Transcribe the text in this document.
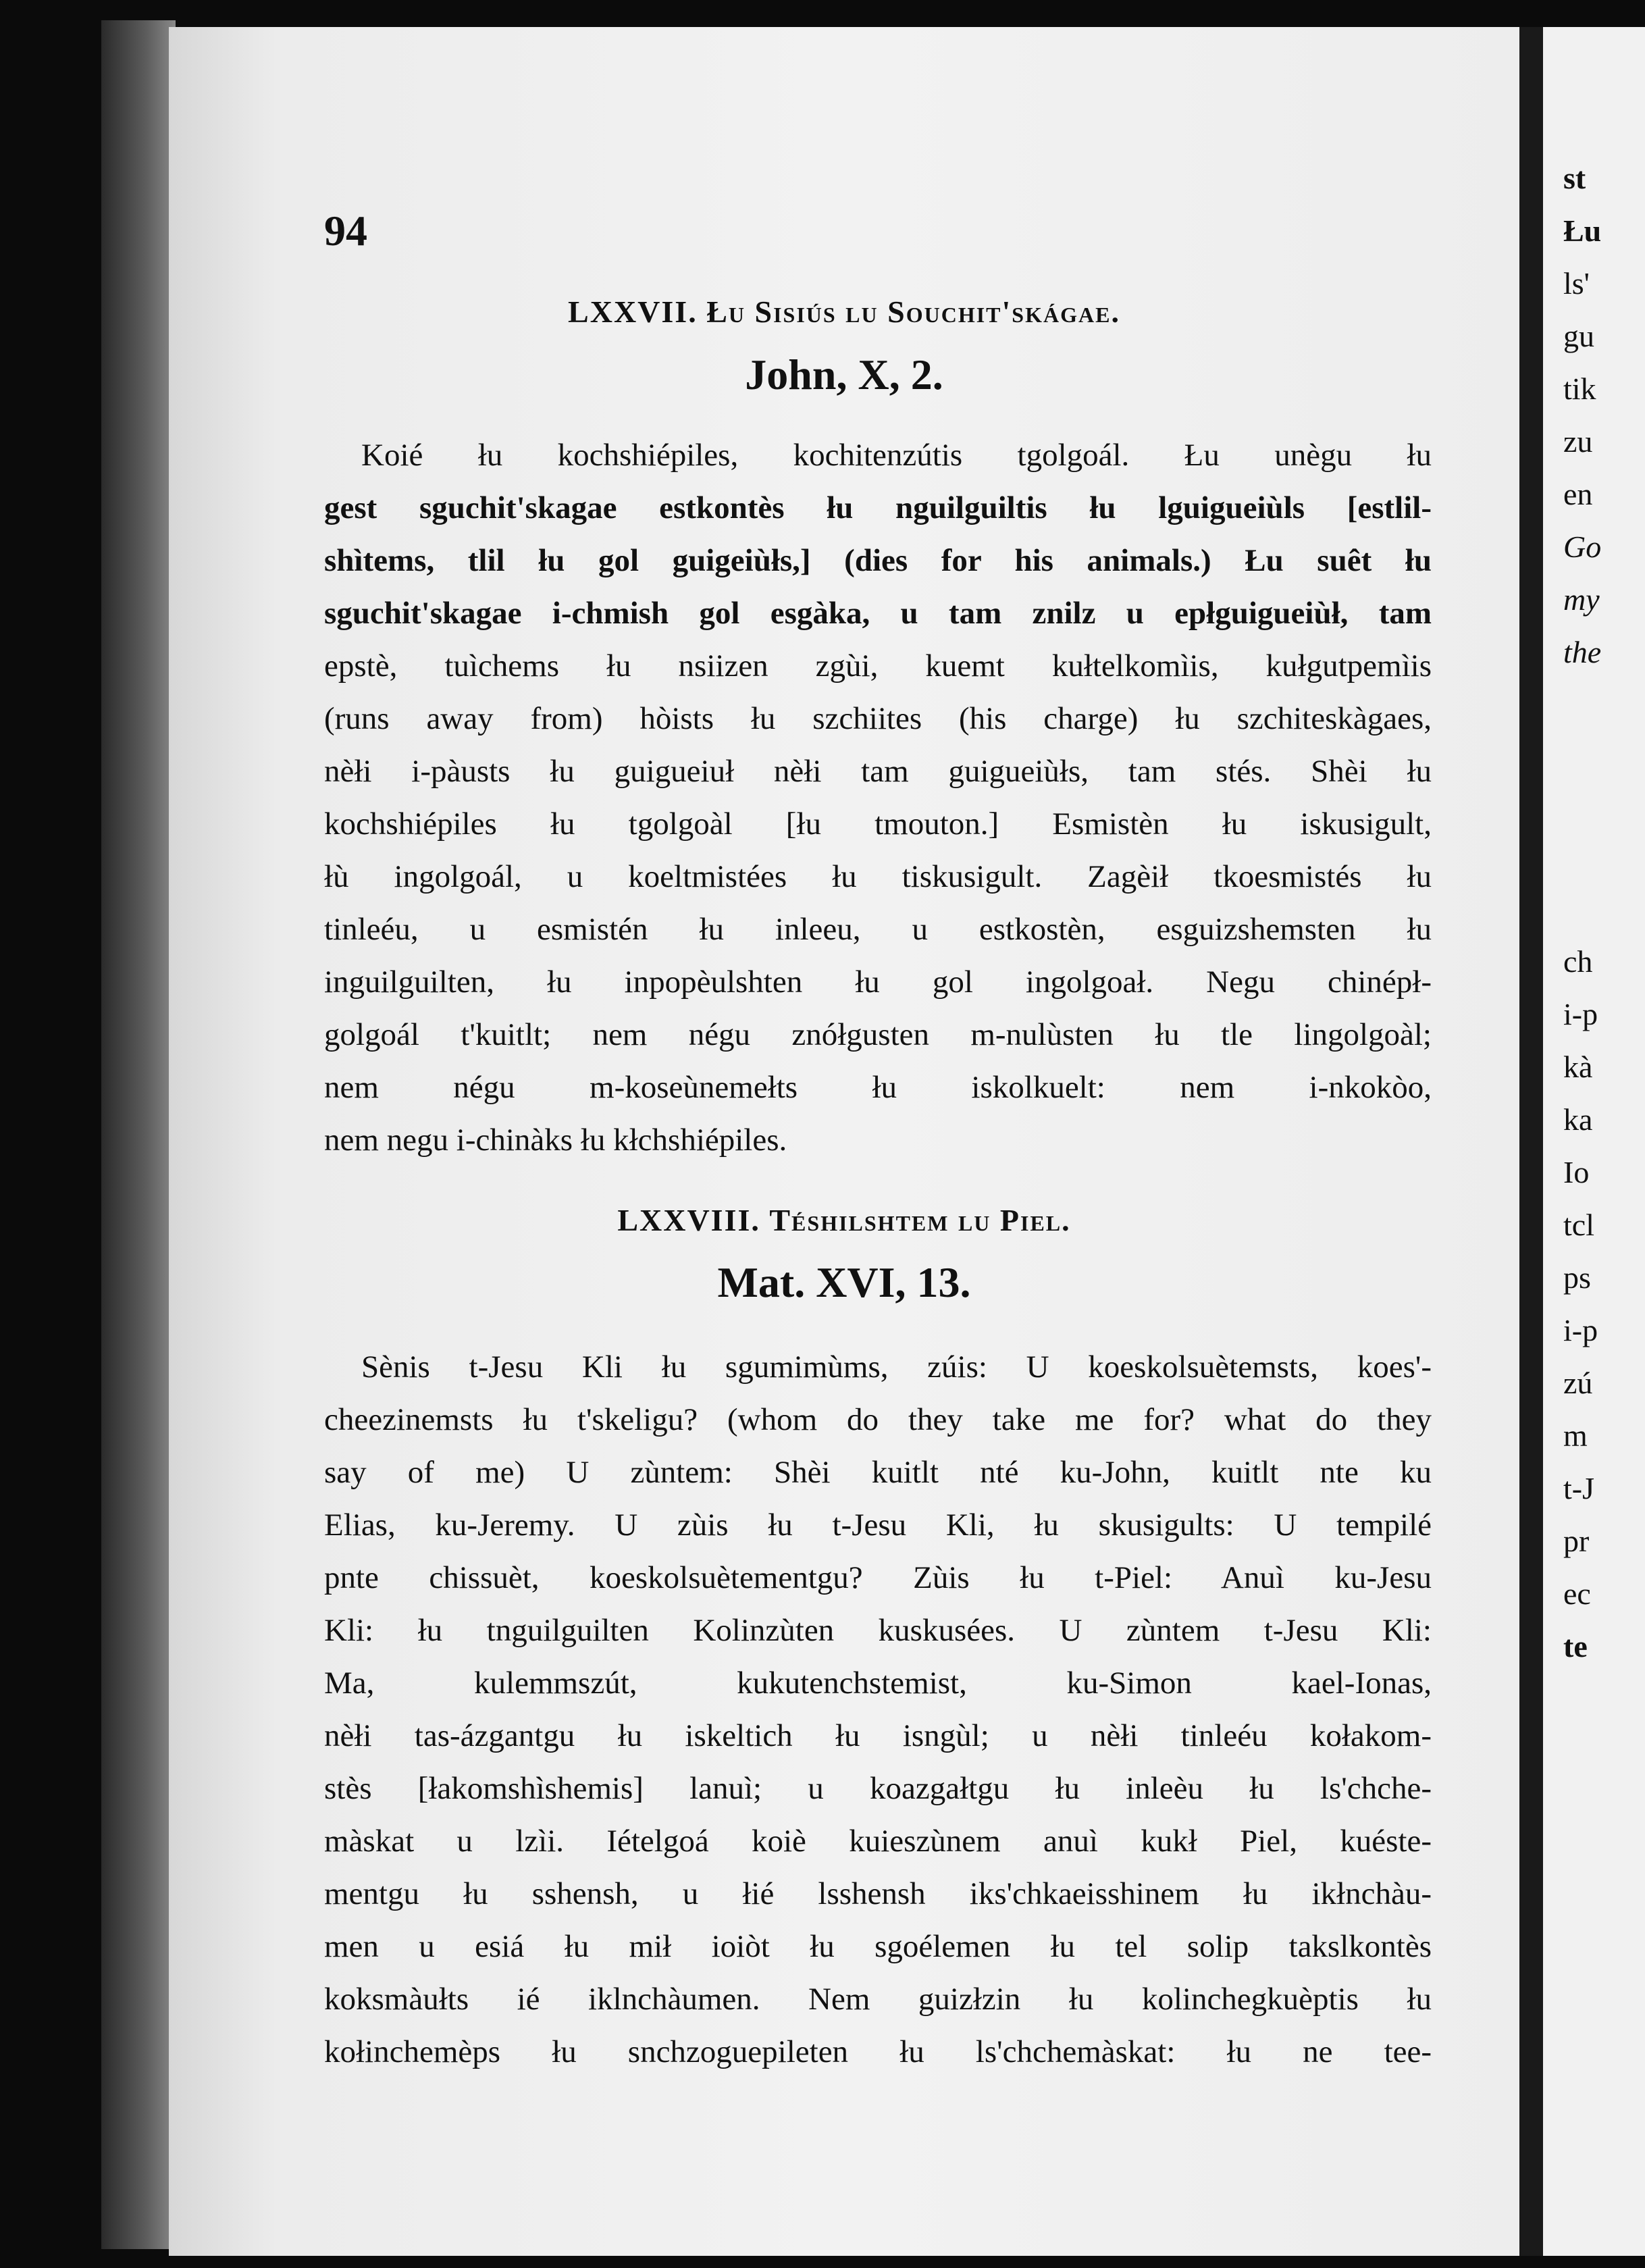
94
LXXVII. Łu Sisiús lu Souchit'skágae.
John, X, 2.
Koié łu kochshiépiles, kochitenzútis tgolgoál. Łu unègu łu
gest sguchit'skagae estkontès łu nguilguiltis łu lguigueiùls [estlil-
shìtems, tlil łu gol guigeiùłs,] (dies for his animals.) Łu suêt łu
sguchit'skagae i-chmish gol esgàka, u tam znilz u epłguigueiùł, tam
epstè, tuìchems łu nsiizen zgùi, kuemt kułtelkomìis, kułgutpemìis
(runs away from) hòists łu szchiites (his charge) łu szchiteskàgaes,
nèłi i-pàusts łu guigueiuł nèłi tam guigueiùłs, tam stés. Shèi łu
kochshiépiles łu tgolgoàl [łu tmouton.] Esmistèn łu iskusigult,
łù ingolgoál, u koeltmistées łu tiskusigult. Zagèił tkoesmistés łu
tinleéu, u esmistén łu inleeu, u estkostèn, esguizshemsten łu
inguilguilten, łu inpopèulshten łu gol ingolgoał. Negu chinépł-
golgoál t'kuitlt; nem négu znółgusten m-nulùsten łu tle lingolgoàl;
nem négu m-koseùnemełts łu iskolkuelt: nem i-nkokòo,
nem negu i-chinàks łu kłchshiépiles.
LXXVIII. Téshilshtem lu Piel.
Mat. XVI, 13.
Sènis t-Jesu Kli łu sgumimùms, zúis: U koeskolsuètemsts, koes'-
cheezinemsts łu t'skeligu? (whom do they take me for? what do they
say of me) U zùntem: Shèi kuitlt nté ku-John, kuitlt nte ku
Elias, ku-Jeremy. U zùis łu t-Jesu Kli, łu skusigults: U tempilé
pnte chissuèt, koeskolsuètementgu? Zùis łu t-Piel: Anuì ku-Jesu
Kli: łu tnguilguilten Kolinzùten kuskusées. U zùntem t-Jesu Kli:
Ma, kulemmszút, kukutenchstemist, ku-Simon kael-Ionas,
nèłi tas-ázgantgu łu iskeltich łu isngùl; u nèłi tinleéu kołakom-
stès [łakomshìshemis] lanuì; u koazgałtgu łu inleèu łu ls'chche-
màskat u lzìi. Iételgoá koiè kuieszùnem anuì kukł Piel, kuéste-
mentgu łu sshensh, u łié lsshensh iks'chkaeisshinem łu ikłnchàu-
men u esiá łu mił ioiòt łu sgoélemen łu tel solip takslkontès
koksmàułts ié iklnchàumen. Nem guizłzin łu kolinchegkuèptis łu
kołinchemèps łu snchzoguepileten łu ls'chchemàskat: łu ne tee-
st
Łu
ls'
gu
tik
zu
en
Go
my
the
ch
i-p
kà
ka
Io
tcl
ps
i-p
zú
m
t-J
pr
ec
te
